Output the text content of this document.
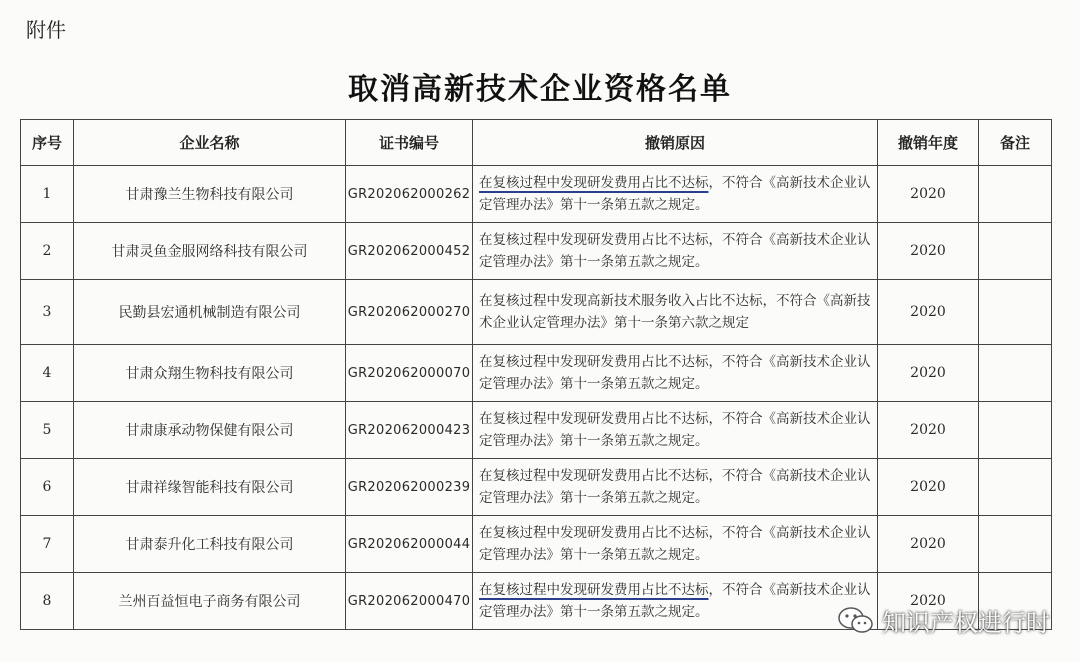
附件
取消高新技术企业资格名单
序号	企业名称	证书编号	撤销原因	撤销年度	备注
1	甘肃豫兰生物科技有限公司	GR202062000262	在复核过程中发现研发费用占比不达标，不符合《高新技术企业认定管理办法》第十一条第五款之规定。	2020	
2	甘肃灵鱼金服网络科技有限公司	GR202062000452	在复核过程中发现研发费用占比不达标，不符合《高新技术企业认定管理办法》第十一条第五款之规定。	2020	
3	民勤县宏通机械制造有限公司	GR202062000270	在复核过程中发现高新技术服务收入占比不达标，不符合《高新技术企业认定管理办法》第十一条第六款之规定	2020	
4	甘肃众翔生物科技有限公司	GR202062000070	在复核过程中发现研发费用占比不达标，不符合《高新技术企业认定管理办法》第十一条第五款之规定。	2020	
5	甘肃康承动物保健有限公司	GR202062000423	在复核过程中发现研发费用占比不达标，不符合《高新技术企业认定管理办法》第十一条第五款之规定。	2020	
6	甘肃祥缘智能科技有限公司	GR202062000239	在复核过程中发现研发费用占比不达标，不符合《高新技术企业认定管理办法》第十一条第五款之规定。	2020	
7	甘肃泰升化工科技有限公司	GR202062000044	在复核过程中发现研发费用占比不达标，不符合《高新技术企业认定管理办法》第十一条第五款之规定。	2020	
8	兰州百益恒电子商务有限公司	GR202062000470	在复核过程中发现研发费用占比不达标，不符合《高新技术企业认定管理办法》第十一条第五款之规定。	2020	
知识产权进行时
